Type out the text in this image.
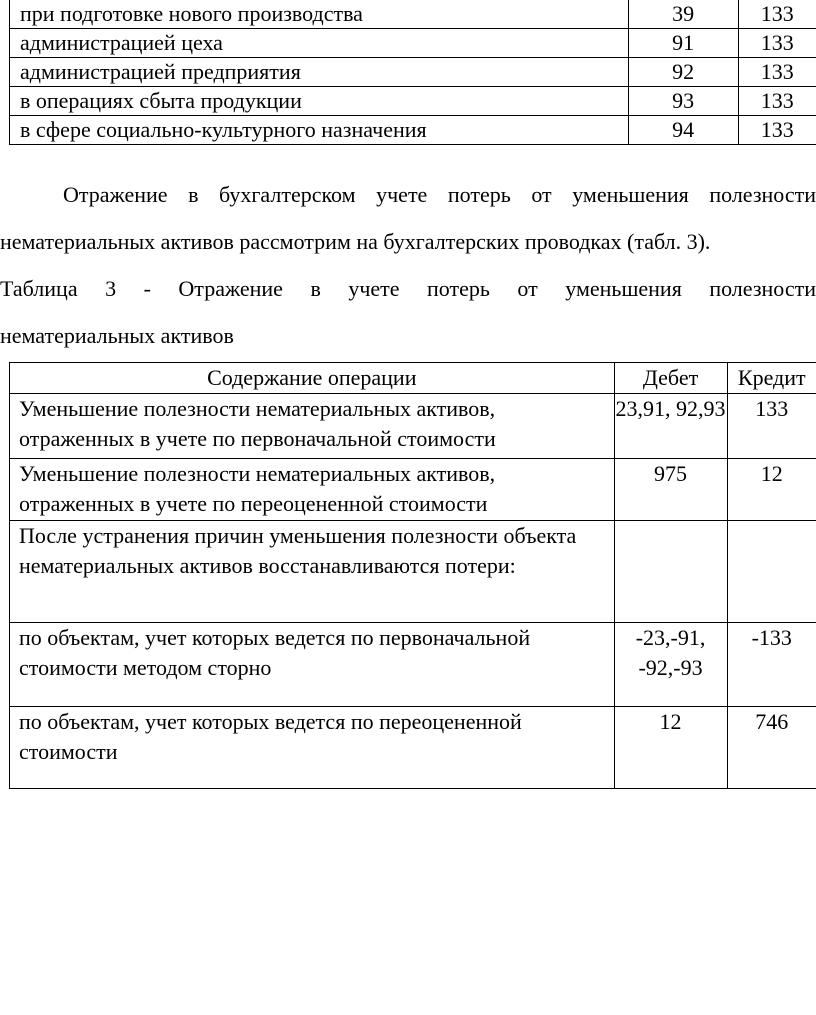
при подготовке нового производства	39	133
администрацией цеха	91	133
администрацией предприятия	92	133
в операциях сбыта продукции	93	133
в сфере социально-культурного назначения	94	133

Отражение в бухгалтерском учете потерь от уменьшения полезности нематериальных активов рассмотрим на бухгалтерских проводках (табл. 3).

Таблица 3 - Отражение в учете потерь от уменьшения полезности
нематериальных активов

Содержание операции	Дебет	Кредит
Уменьшение полезности нематериальных активов, отраженных в учете по первоначальной стоимости	23,91, 92,93	133
Уменьшение полезности нематериальных активов, отраженных в учете по переоцененной стоимости	975	12
После устранения причин уменьшения полезности объекта нематериальных активов восстанавливаются потери:		
по объектам, учет которых ведется по первоначальной стоимости методом сторно	-23,-91, -92,-93	-133
по объектам, учет которых ведется по переоцененной стоимости	12	746
